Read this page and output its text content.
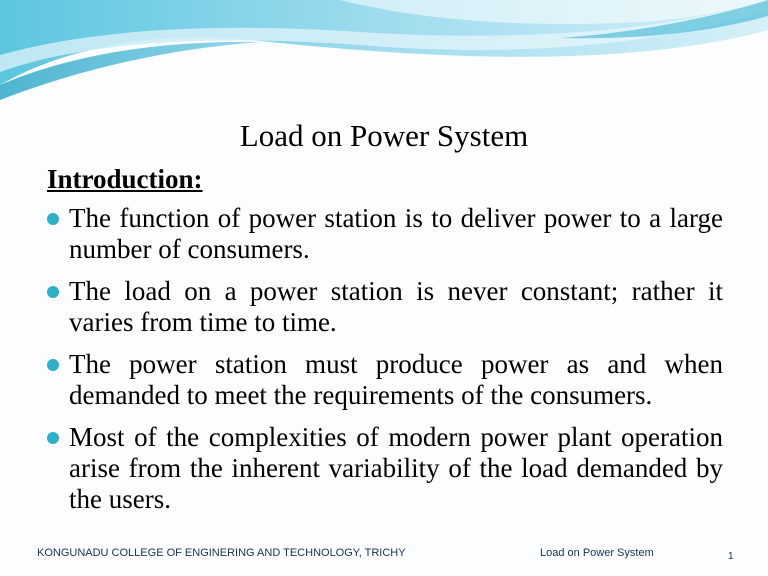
Load on Power System
Introduction:
The function of power station is to deliver power to a large number of consumers.
The load on a power station is never constant; rather it varies from time to time.
The power station must produce power as and when demanded to meet the requirements of the consumers.
Most of the complexities of modern power plant operation arise from the inherent variability of the load demanded by the users.
KONGUNADU COLLEGE OF ENGINERING AND TECHNOLOGY, TRICHY	Load on Power System	1
